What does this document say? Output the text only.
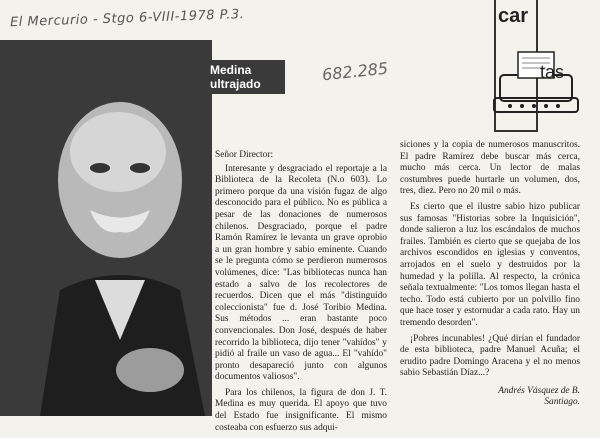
El Mercurio - Stgo 6-VIII-1978 P.3.
682.285
Medina ultrajado
car
tas

Señor Director:

Interesante y desgraciado el reportaje a la Biblioteca de la Recoleta (N.o 603). Lo primero porque da una visión fugaz de algo desconocido para el público. No es pública a pesar de las donaciones de numerosos chilenos. Desgraciado, porque el padre Ramón Ramírez le levanta un grave oprobio a un gran hombre y sabio eminente. Cuando se le pregunta cómo se perdieron numerosos volúmenes, dice: "Las bibliotecas nunca han estado a salvo de los recolectores de recuerdos. Dicen que el más "distinguido coleccionista" fue d. José Toribio Medina. Sus métodos ... eran bastante poco convencionales. Don José, después de haber recorrido la biblioteca, dijo tener "vahídos" y pidió al fraile un vaso de agua... El "vahído" pronto desapareció junto con algunos documentos valiosos".

Para los chilenos, la figura de don J. T. Medina es muy querida. El apoyo que tuvo del Estado fue insignificante. El mismo costeaba con esfuerzo sus adqui-

siciones y la copia de numerosos manuscritos. El padre Ramírez debe buscar más cerca, mucho más cerca. Un lector de malas costumbres puede hurtarle un volumen, dos, tres, diez. Pero no 20 mil o más.

Es cierto que el ilustre sabio hizo publicar sus famosas "Historias sobre la Inquisición", donde salieron a luz los escándalos de muchos frailes. También es cierto que se quejaba de los archivos escondidos en iglesias y conventos, arrojados en el suelo y destruidos por la humedad y la polilla. Al respecto, la crónica señala textualmente: "Los tomos llegan hasta el techo. Todo está cubierto por un polvillo fino que hace toser y estornudar a cada rato. Hay un tremendo desorden".

¡Pobres incunables! ¿Qué dirían el fundador de esta biblioteca, padre Manuel Acuña; el erudito padre Domingo Aracena y el no menos sabio Sebastián Díaz...?

Andrés Vásquez de B.
Santiago.
